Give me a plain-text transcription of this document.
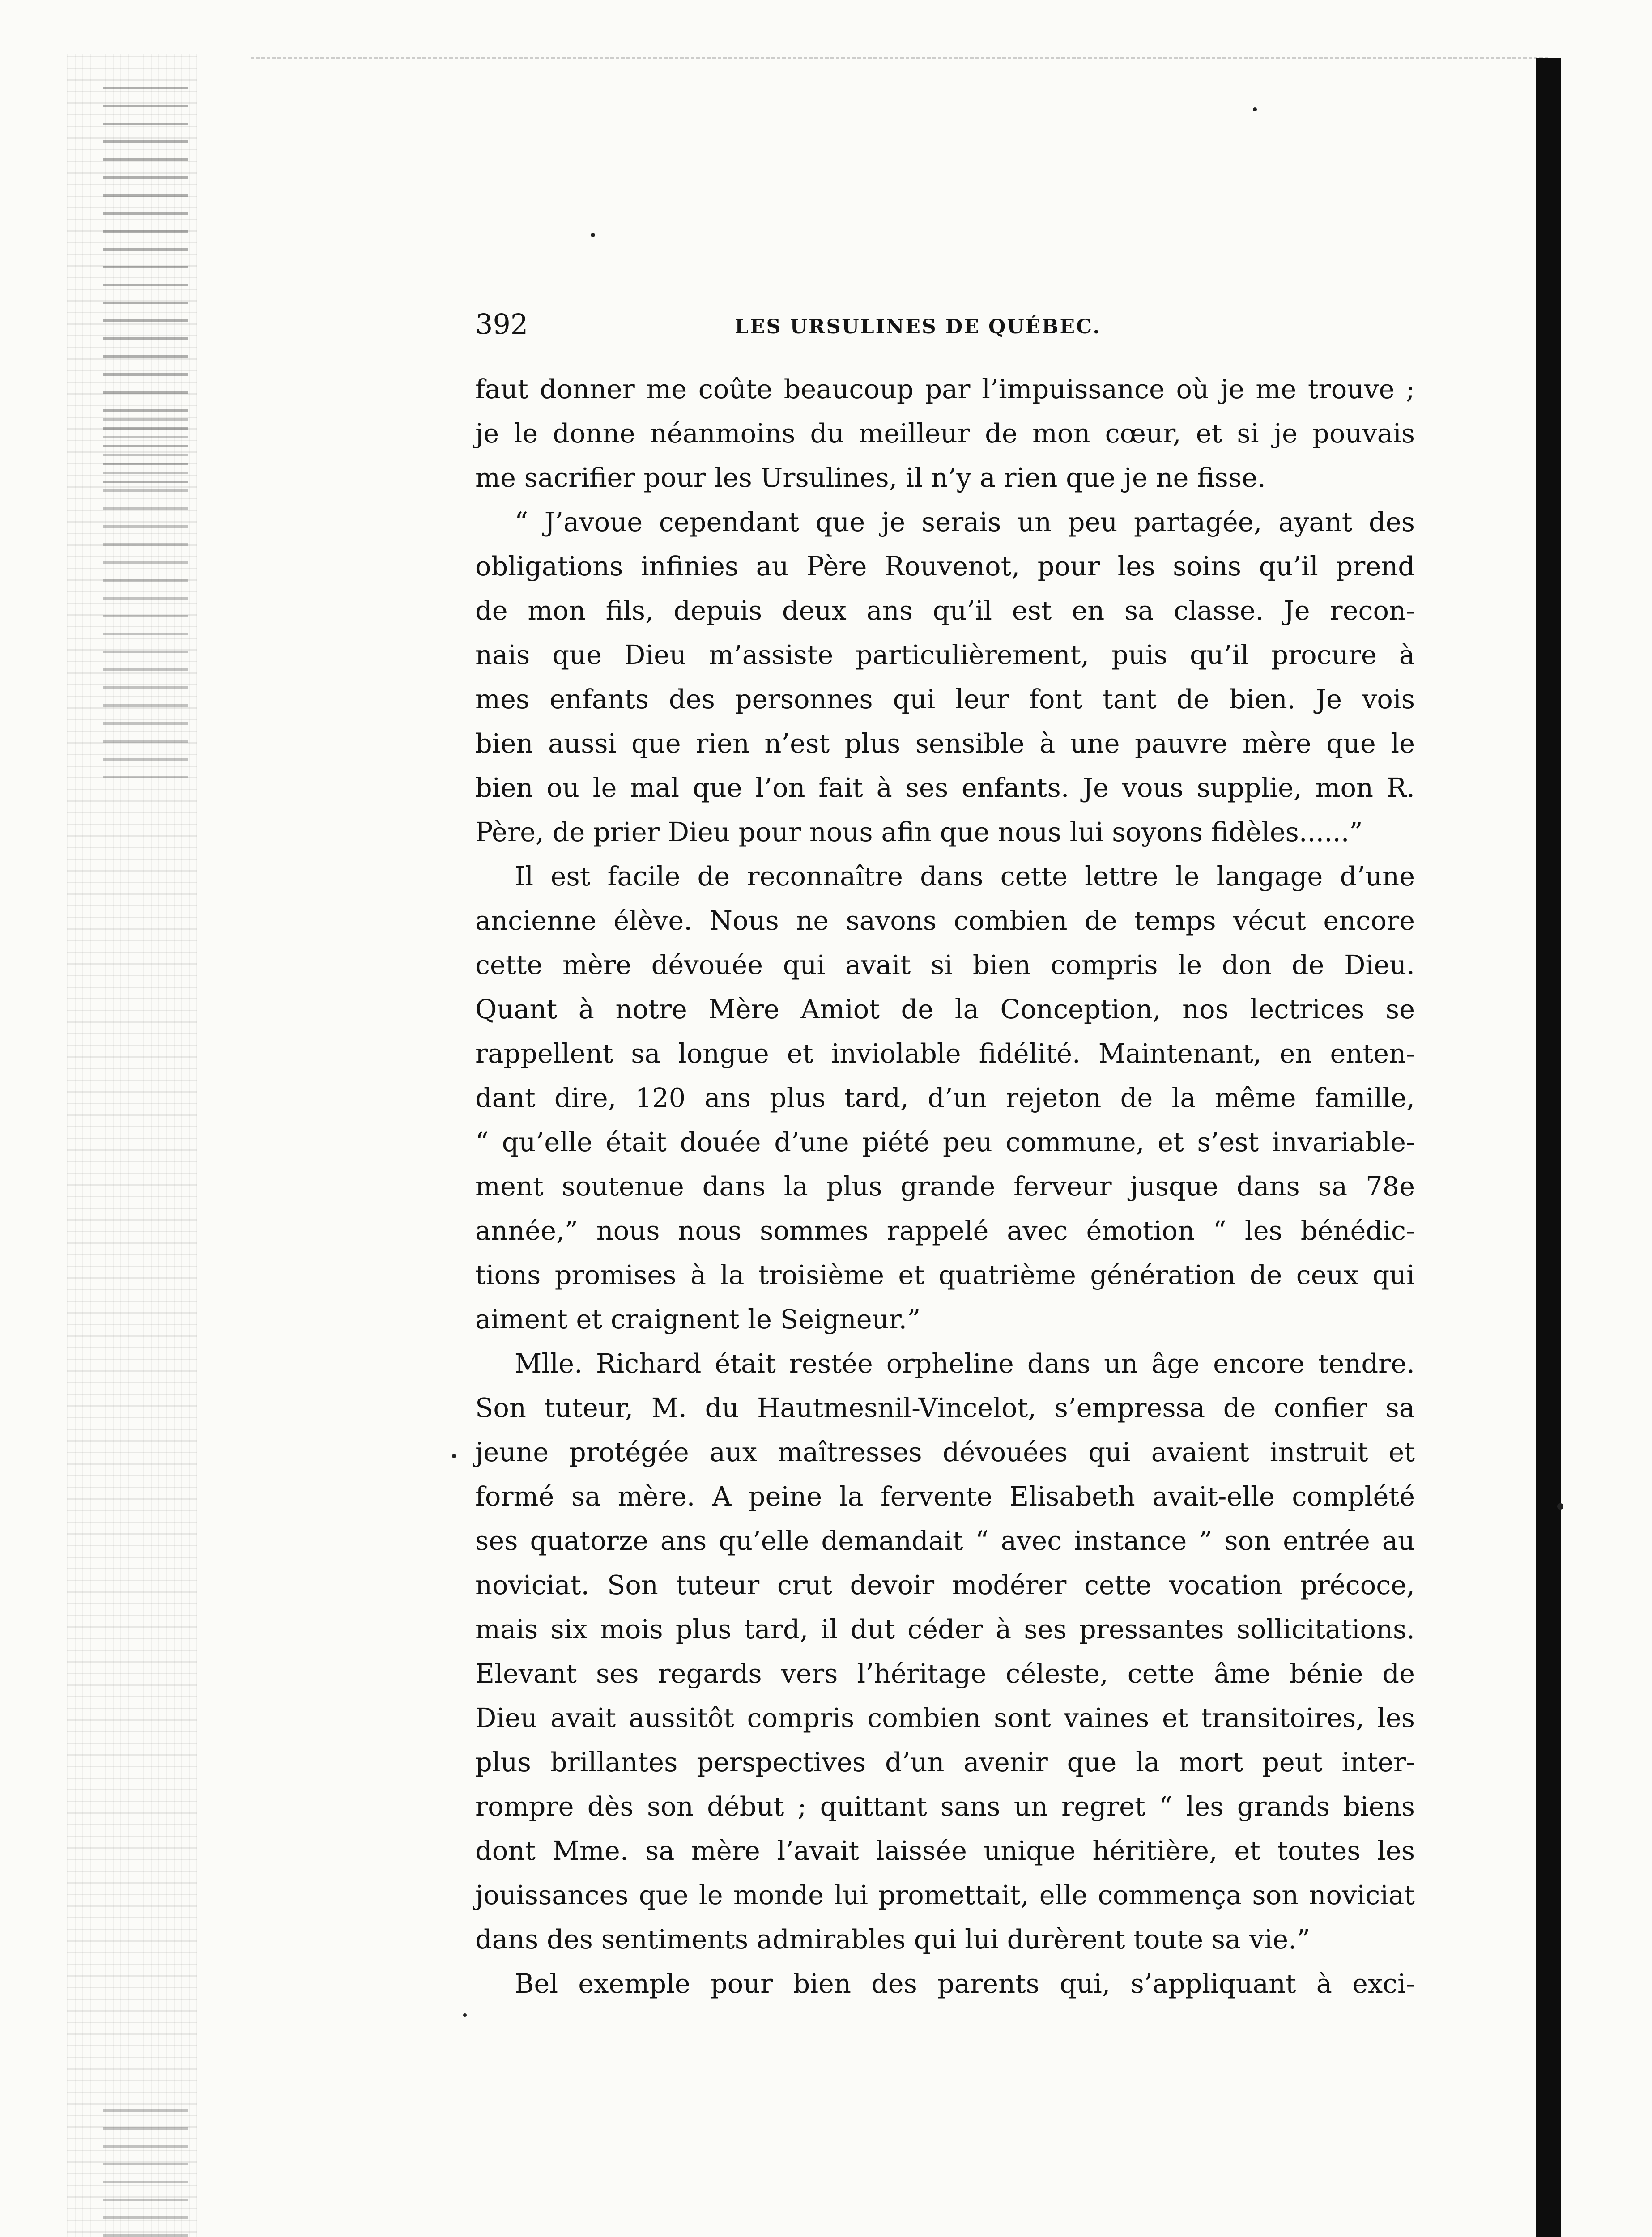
392	LES URSULINES DE QUÉBEC.
faut donner me coûte beaucoup par l’impuissance où je me trouve ;
je le donne néanmoins du meilleur de mon cœur, et si je pouvais
me sacrifier pour les Ursulines, il n’y a rien que je ne fisse.
“ J’avoue cependant que je serais un peu partagée, ayant des
obligations infinies au Père Rouvenot, pour les soins qu’il prend
de mon fils, depuis deux ans qu’il est en sa classe. Je recon-
nais que Dieu m’assiste particulièrement, puis qu’il procure à
mes enfants des personnes qui leur font tant de bien. Je vois
bien aussi que rien n’est plus sensible à une pauvre mère que le
bien ou le mal que l’on fait à ses enfants. Je vous supplie, mon R.
Père, de prier Dieu pour nous afin que nous lui soyons fidèles......”
Il est facile de reconnaître dans cette lettre le langage d’une
ancienne élève. Nous ne savons combien de temps vécut encore
cette mère dévouée qui avait si bien compris le don de Dieu.
Quant à notre Mère Amiot de la Conception, nos lectrices se
rappellent sa longue et inviolable fidélité. Maintenant, en enten-
dant dire, 120 ans plus tard, d’un rejeton de la même famille,
“ qu’elle était douée d’une piété peu commune, et s’est invariable-
ment soutenue dans la plus grande ferveur jusque dans sa 78e
année,” nous nous sommes rappelé avec émotion “ les bénédic-
tions promises à la troisième et quatrième génération de ceux qui
aiment et craignent le Seigneur.”
Mlle. Richard était restée orpheline dans un âge encore tendre.
Son tuteur, M. du Hautmesnil-Vincelot, s’empressa de confier sa
jeune protégée aux maîtresses dévouées qui avaient instruit et
formé sa mère. A peine la fervente Elisabeth avait-elle complété
ses quatorze ans qu’elle demandait “ avec instance ” son entrée au
noviciat. Son tuteur crut devoir modérer cette vocation précoce,
mais six mois plus tard, il dut céder à ses pressantes sollicitations.
Elevant ses regards vers l’héritage céleste, cette âme bénie de
Dieu avait aussitôt compris combien sont vaines et transitoires, les
plus brillantes perspectives d’un avenir que la mort peut inter-
rompre dès son début ; quittant sans un regret “ les grands biens
dont Mme. sa mère l’avait laissée unique héritière, et toutes les
jouissances que le monde lui promettait, elle commença son noviciat
dans des sentiments admirables qui lui durèrent toute sa vie.”
Bel exemple pour bien des parents qui, s’appliquant à exci-
